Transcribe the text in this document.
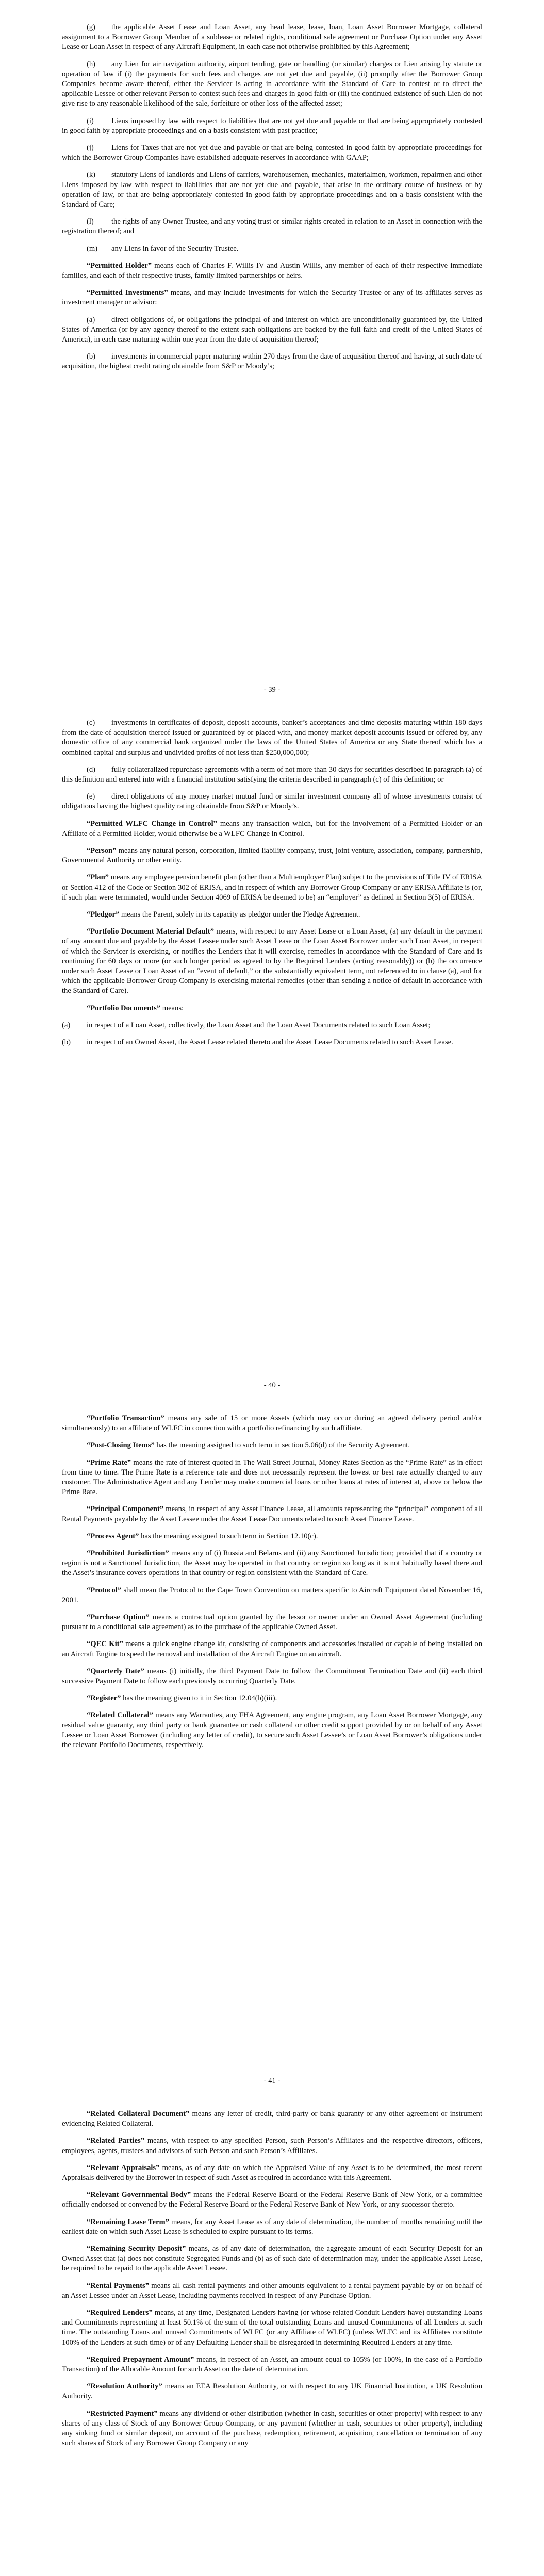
(g) the applicable Asset Lease and Loan Asset, any head lease, lease, loan, Loan Asset Borrower Mortgage, collateral assignment to a Borrower Group Member of a sublease or related rights, conditional sale agreement or Purchase Option under any Asset Lease or Loan Asset in respect of any Aircraft Equipment, in each case not otherwise prohibited by this Agreement;

(h) any Lien for air navigation authority, airport tending, gate or handling (or similar) charges or Lien arising by statute or operation of law if (i) the payments for such fees and charges are not yet due and payable, (ii) promptly after the Borrower Group Companies become aware thereof, either the Servicer is acting in accordance with the Standard of Care to contest or to direct the applicable Lessee or other relevant Person to contest such fees and charges in good faith or (iii) the continued existence of such Lien do not give rise to any reasonable likelihood of the sale, forfeiture or other loss of the affected asset;

(i) Liens imposed by law with respect to liabilities that are not yet due and payable or that are being appropriately contested in good faith by appropriate proceedings and on a basis consistent with past practice;

(j) Liens for Taxes that are not yet due and payable or that are being contested in good faith by appropriate proceedings for which the Borrower Group Companies have established adequate reserves in accordance with GAAP;

(k) statutory Liens of landlords and Liens of carriers, warehousemen, mechanics, materialmen, workmen, repairmen and other Liens imposed by law with respect to liabilities that are not yet due and payable, that arise in the ordinary course of business or by operation of law, or that are being appropriately contested in good faith by appropriate proceedings and on a basis consistent with the Standard of Care;

(l) the rights of any Owner Trustee, and any voting trust or similar rights created in relation to an Asset in connection with the registration thereof; and

(m) any Liens in favor of the Security Trustee.

“Permitted Holder” means each of Charles F. Willis IV and Austin Willis, any member of each of their respective immediate families, and each of their respective trusts, family limited partnerships or heirs.

“Permitted Investments” means, and may include investments for which the Security Trustee or any of its affiliates serves as investment manager or advisor:

(a) direct obligations of, or obligations the principal of and interest on which are unconditionally guaranteed by, the United States of America (or by any agency thereof to the extent such obligations are backed by the full faith and credit of the United States of America), in each case maturing within one year from the date of acquisition thereof;

(b) investments in commercial paper maturing within 270 days from the date of acquisition thereof and having, at such date of acquisition, the highest credit rating obtainable from S&P or Moody’s;

- 39 -

(c) investments in certificates of deposit, deposit accounts, banker’s acceptances and time deposits maturing within 180 days from the date of acquisition thereof issued or guaranteed by or placed with, and money market deposit accounts issued or offered by, any domestic office of any commercial bank organized under the laws of the United States of America or any State thereof which has a combined capital and surplus and undivided profits of not less than $250,000,000;

(d) fully collateralized repurchase agreements with a term of not more than 30 days for securities described in paragraph (a) of this definition and entered into with a financial institution satisfying the criteria described in paragraph (c) of this definition; or

(e) direct obligations of any money market mutual fund or similar investment company all of whose investments consist of obligations having the highest quality rating obtainable from S&P or Moody’s.

“Permitted WLFC Change in Control” means any transaction which, but for the involvement of a Permitted Holder or an Affiliate of a Permitted Holder, would otherwise be a WLFC Change in Control.

“Person” means any natural person, corporation, limited liability company, trust, joint venture, association, company, partnership, Governmental Authority or other entity.

“Plan” means any employee pension benefit plan (other than a Multiemployer Plan) subject to the provisions of Title IV of ERISA or Section 412 of the Code or Section 302 of ERISA, and in respect of which any Borrower Group Company or any ERISA Affiliate is (or, if such plan were terminated, would under Section 4069 of ERISA be deemed to be) an “employer” as defined in Section 3(5) of ERISA.

“Pledgor” means the Parent, solely in its capacity as pledgor under the Pledge Agreement.

“Portfolio Document Material Default” means, with respect to any Asset Lease or a Loan Asset, (a) any default in the payment of any amount due and payable by the Asset Lessee under such Asset Lease or the Loan Asset Borrower under such Loan Asset, in respect of which the Servicer is exercising, or notifies the Lenders that it will exercise, remedies in accordance with the Standard of Care and is continuing for 60 days or more (or such longer period as agreed to by the Required Lenders (acting reasonably)) or (b) the occurrence under such Asset Lease or Loan Asset of an “event of default,” or the substantially equivalent term, not referenced to in clause (a), and for which the applicable Borrower Group Company is exercising material remedies (other than sending a notice of default in accordance with the Standard of Care).

“Portfolio Documents” means:

(a) in respect of a Loan Asset, collectively, the Loan Asset and the Loan Asset Documents related to such Loan Asset;

(b) in respect of an Owned Asset, the Asset Lease related thereto and the Asset Lease Documents related to such Asset Lease.

- 40 -

“Portfolio Transaction” means any sale of 15 or more Assets (which may occur during an agreed delivery period and/or simultaneously) to an affiliate of WLFC in connection with a portfolio refinancing by such affiliate.

“Post-Closing Items” has the meaning assigned to such term in section 5.06(d) of the Security Agreement.

“Prime Rate” means the rate of interest quoted in The Wall Street Journal, Money Rates Section as the “Prime Rate” as in effect from time to time. The Prime Rate is a reference rate and does not necessarily represent the lowest or best rate actually charged to any customer. The Administrative Agent and any Lender may make commercial loans or other loans at rates of interest at, above or below the Prime Rate.

“Principal Component” means, in respect of any Asset Finance Lease, all amounts representing the “principal” component of all Rental Payments payable by the Asset Lessee under the Asset Lease Documents related to such Asset Finance Lease.

“Process Agent” has the meaning assigned to such term in Section 12.10(c).

“Prohibited Jurisdiction” means any of (i) Russia and Belarus and (ii) any Sanctioned Jurisdiction; provided that if a country or region is not a Sanctioned Jurisdiction, the Asset may be operated in that country or region so long as it is not habitually based there and the Asset’s insurance covers operations in that country or region consistent with the Standard of Care.

“Protocol” shall mean the Protocol to the Cape Town Convention on matters specific to Aircraft Equipment dated November 16, 2001.

“Purchase Option” means a contractual option granted by the lessor or owner under an Owned Asset Agreement (including pursuant to a conditional sale agreement) as to the purchase of the applicable Owned Asset.

“QEC Kit” means a quick engine change kit, consisting of components and accessories installed or capable of being installed on an Aircraft Engine to speed the removal and installation of the Aircraft Engine on an aircraft.

“Quarterly Date” means (i) initially, the third Payment Date to follow the Commitment Termination Date and (ii) each third successive Payment Date to follow each previously occurring Quarterly Date.

“Register” has the meaning given to it in Section 12.04(b)(iii).

“Related Collateral” means any Warranties, any FHA Agreement, any engine program, any Loan Asset Borrower Mortgage, any residual value guaranty, any third party or bank guarantee or cash collateral or other credit support provided by or on behalf of any Asset Lessee or Loan Asset Borrower (including any letter of credit), to secure such Asset Lessee’s or Loan Asset Borrower’s obligations under the relevant Portfolio Documents, respectively.

- 41 -

“Related Collateral Document” means any letter of credit, third-party or bank guaranty or any other agreement or instrument evidencing Related Collateral.

“Related Parties” means, with respect to any specified Person, such Person’s Affiliates and the respective directors, officers, employees, agents, trustees and advisors of such Person and such Person’s Affiliates.

“Relevant Appraisals” means, as of any date on which the Appraised Value of any Asset is to be determined, the most recent Appraisals delivered by the Borrower in respect of such Asset as required in accordance with this Agreement.

“Relevant Governmental Body” means the Federal Reserve Board or the Federal Reserve Bank of New York, or a committee officially endorsed or convened by the Federal Reserve Board or the Federal Reserve Bank of New York, or any successor thereto.

“Remaining Lease Term” means, for any Asset Lease as of any date of determination, the number of months remaining until the earliest date on which such Asset Lease is scheduled to expire pursuant to its terms.

“Remaining Security Deposit” means, as of any date of determination, the aggregate amount of each Security Deposit for an Owned Asset that (a) does not constitute Segregated Funds and (b) as of such date of determination may, under the applicable Asset Lease, be required to be repaid to the applicable Asset Lessee.

“Rental Payments” means all cash rental payments and other amounts equivalent to a rental payment payable by or on behalf of an Asset Lessee under an Asset Lease, including payments received in respect of any Purchase Option.

“Required Lenders” means, at any time, Designated Lenders having (or whose related Conduit Lenders have) outstanding Loans and Commitments representing at least 50.1% of the sum of the total outstanding Loans and unused Commitments of all Lenders at such time. The outstanding Loans and unused Commitments of WLFC (or any Affiliate of WLFC) (unless WLFC and its Affiliates constitute 100% of the Lenders at such time) or of any Defaulting Lender shall be disregarded in determining Required Lenders at any time.

“Required Prepayment Amount” means, in respect of an Asset, an amount equal to 105% (or 100%, in the case of a Portfolio Transaction) of the Allocable Amount for such Asset on the date of determination.

“Resolution Authority” means an EEA Resolution Authority, or with respect to any UK Financial Institution, a UK Resolution Authority.

“Restricted Payment” means any dividend or other distribution (whether in cash, securities or other property) with respect to any shares of any class of Stock of any Borrower Group Company, or any payment (whether in cash, securities or other property), including any sinking fund or similar deposit, on account of the purchase, redemption, retirement, acquisition, cancellation or termination of any such shares of Stock of any Borrower Group Company or any
